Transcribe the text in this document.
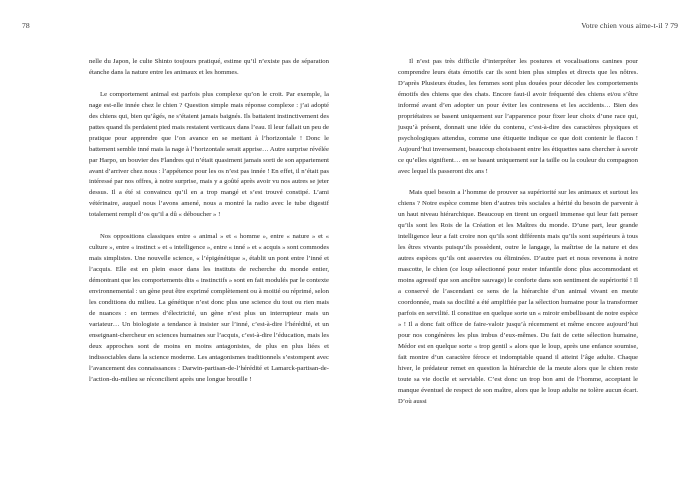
78	Votre chien vous aime-t-il ? 79

nelle du Japon, le culte Shinto toujours pratiqué, estime qu’il n’existe pas de séparation étanche dans la nature entre les animaux et les hommes.

Le comportement animal est parfois plus complexe qu’on le croit. Par exemple, la nage est-elle innée chez le chien ? Question simple mais réponse complexe : j’ai adopté des chiens qui, bien qu’âgés, ne s’étaient jamais baignés. Ils battaient instinctivement des pattes quand ils perdaient pied mais restaient verticaux dans l’eau. Il leur fallait un peu de pratique pour apprendre que l’on avance en se mettant à l’horizontale ! Donc le battement semble inné mais la nage à l’horizontale serait apprise… Autre surprise révélée par Harpo, un bouvier des Flandres qui n’était quasiment jamais sorti de son appartement avant d’arriver chez nous : l’appétence pour les os n’est pas innée ! En effet, il n’était pas intéressé par nos offres, à notre surprise, mais y a goûté après avoir vu nos autres se jeter dessus. Il a été si convaincu qu’il en a trop mangé et s’est trouvé constipé. L’ami vétérinaire, auquel nous l’avons amené, nous a montré la radio avec le tube digestif totalement rempli d’os qu’il a dû « déboucher » !

Nos oppositions classiques entre « animal » et « homme », entre « nature » et « culture », entre « instinct » et « intelligence », entre « inné » et « acquis » sont commodes mais simplistes. Une nouvelle science, « l’épigénétique », établit un pont entre l’inné et l’acquis. Elle est en plein essor dans les instituts de recherche du monde entier, démontrant que les comportements dits « instinctifs » sont en fait modulés par le contexte environnemental : un gène peut être exprimé complètement ou à moitié ou réprimé, selon les conditions du milieu. La génétique n’est donc plus une science du tout ou rien mais de nuances : en termes d’électricité, un gène n’est plus un interrupteur mais un variateur… Un biologiste a tendance à insister sur l’inné, c’est-à-dire l’hérédité, et un enseignant-chercheur en sciences humaines sur l’acquis, c’est-à-dire l’éducation, mais les deux approches sont de moins en moins antagonistes, de plus en plus liées et indissociables dans la science moderne. Les antagonismes traditionnels s’estompent avec l’avancement des connaissances : Darwin-partisan-de-l’hérédité et Lamarck-partisan-de-l’action-du-milieu se réconcilient après une longue brouille !

Il n’est pas très difficile d’interpréter les postures et vocalisations canines pour comprendre leurs états émotifs car ils sont bien plus simples et directs que les nôtres. D’après Plusieurs études, les femmes sont plus douées pour décoder les comportements émotifs des chiens que des chats. Encore faut-il avoir fréquenté des chiens et/ou s’être informé avant d’en adopter un pour éviter les contresens et les accidents… Bien des propriétaires se basent uniquement sur l’apparence pour fixer leur choix d’une race qui, jusqu’à présent, donnait une idée du contenu, c’est-à-dire des caractères physiques et psychologiques attendus, comme une étiquette indique ce que doit contenir le flacon ! Aujourd’hui inversement, beaucoup choisissent entre les étiquettes sans chercher à savoir ce qu’elles signifient… en se basant uniquement sur la taille ou la couleur du compagnon avec lequel ils passeront dix ans !

Mais quel besoin a l’homme de prouver sa supériorité sur les animaux et surtout les chiens ? Notre espèce comme bien d’autres très sociales a hérité du besoin de parvenir à un haut niveau hiérarchique. Beaucoup en tirent un orgueil immense qui leur fait penser qu’ils sont les Rois de la Création et les Maîtres du monde. D’une part, leur grande intelligence leur a fait croire non qu’ils sont différents mais qu’ils sont supérieurs à tous les êtres vivants puisqu’ils possèdent, outre le langage, la maîtrise de la nature et des autres espèces qu’ils ont asservies ou éliminées. D’autre part et nous revenons à notre mascotte, le chien (ce loup sélectionné pour rester infantile donc plus accommodant et moins agressif que son ancêtre sauvage) le conforte dans son sentiment de supériorité ! Il a conservé de l’ascendant ce sens de la hiérarchie d’un animal vivant en meute coordonnée, mais sa docilité a été amplifiée par la sélection humaine pour la transformer parfois en servilité. Il constitue en quelque sorte un « miroir embellissant de notre espèce » ! Il a donc fait office de faire-valoir jusqu’à récemment et même encore aujourd’hui pour nos congénères les plus imbus d’eux-mêmes. Du fait de cette sélection humaine, Médor est en quelque sorte « trop gentil » alors que le loup, après une enfance soumise, fait montre d’un caractère féroce et indomptable quand il atteint l’âge adulte. Chaque hiver, le prédateur remet en question la hiérarchie de la meute alors que le chien reste toute sa vie docile et serviable. C’est donc un trop bon ami de l’homme, acceptant le manque éventuel de respect de son maître, alors que le loup adulte ne tolère aucun écart. D’où aussi
